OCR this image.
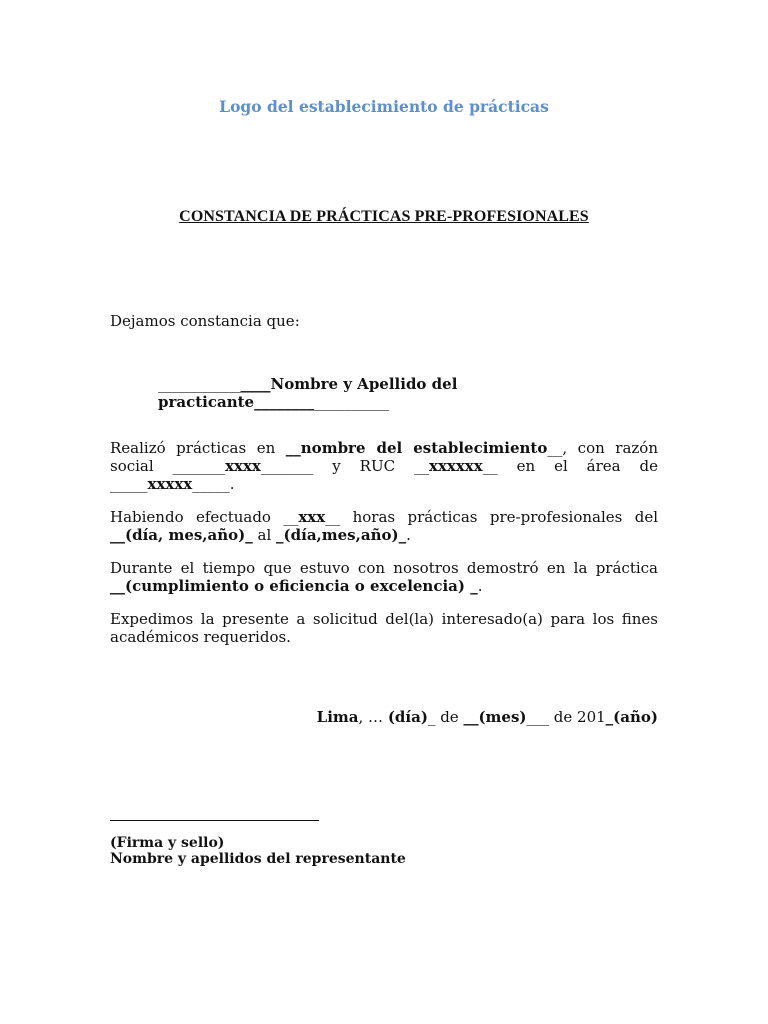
Logo del establecimiento de prácticas
CONSTANCIA DE PRÁCTICAS PRE-PROFESIONALES
Dejamos constancia que:
_______________Nombre y Apellido del practicante__________________
Realizó prácticas en __nombre del establecimiento__, con razón social _______xxxx_______ y RUC __xxxxxx__ en el área de _____xxxxx_____.
Habiendo efectuado __xxx__ horas prácticas pre-profesionales del __(día, mes,año)_ al _(día,mes,año)_.
Durante el tiempo que estuvo con nosotros demostró en la práctica __(cumplimiento o eficiencia o excelencia) _.
Expedimos la presente a solicitud del(la) interesado(a) para los fines académicos requeridos.
Lima, … (día)_ de __(mes)___ de 201_(año)
(Firma y sello)
Nombre y apellidos del representante
